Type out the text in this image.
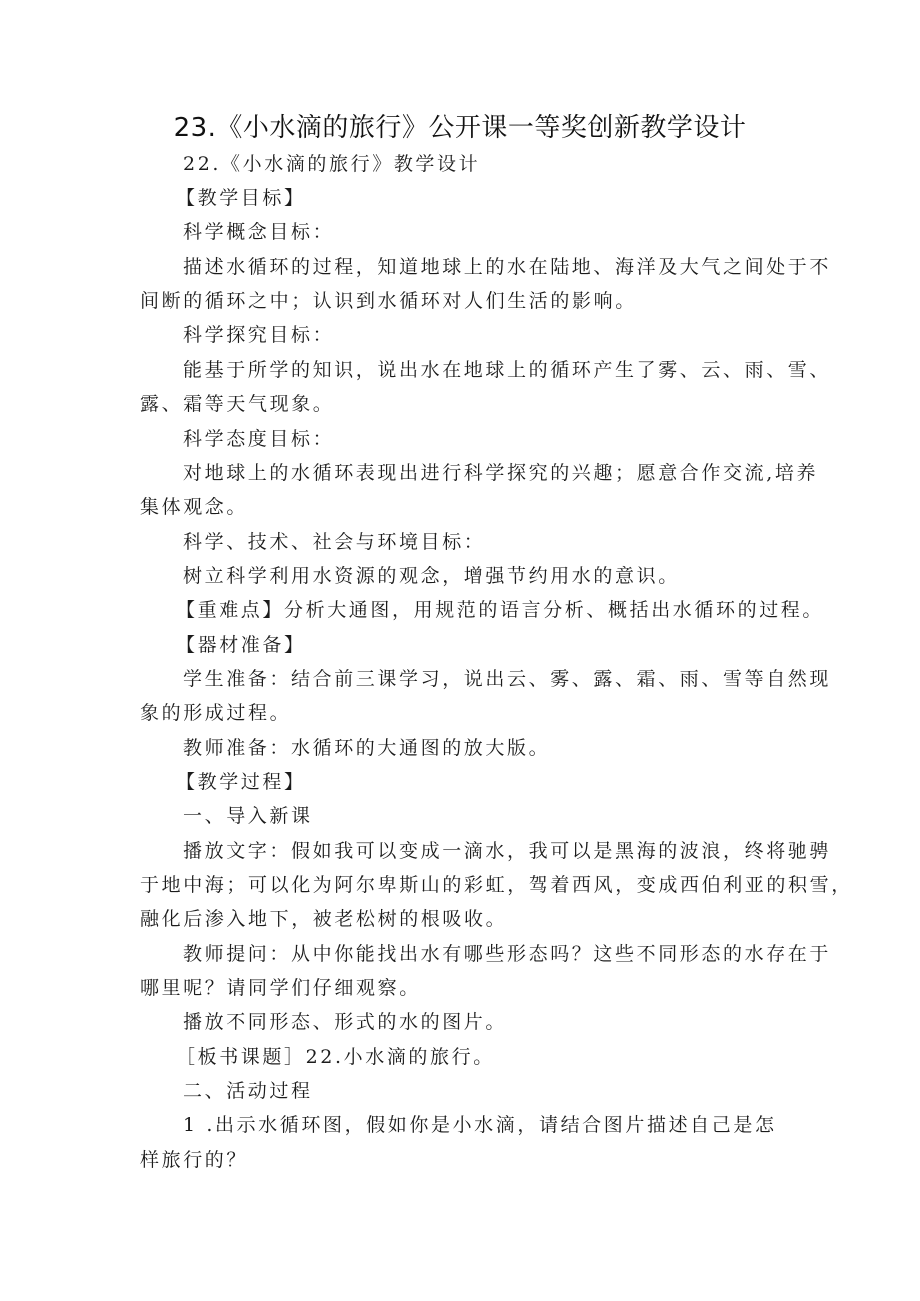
23.《小水滴的旅行》公开课一等奖创新教学设计
22.《小水滴的旅行》教学设计
【教学目标】
科学概念目标：
描述水循环的过程，知道地球上的水在陆地、海洋及大气之间处于不
间断的循环之中；认识到水循环对人们生活的影响。
科学探究目标：
能基于所学的知识，说出水在地球上的循环产生了雾、云、雨、雪、
露、霜等天气现象。
科学态度目标：
对地球上的水循环表现出进行科学探究的兴趣；愿意合作交流,培养
集体观念。
科学、技术、社会与环境目标：
树立科学利用水资源的观念，增强节约用水的意识。
【重难点】分析大通图，用规范的语言分析、概括出水循环的过程。
【器材准备】
学生准备：结合前三课学习，说出云、雾、露、霜、雨、雪等自然现
象的形成过程。
教师准备：水循环的大通图的放大版。
【教学过程】
一、导入新课
播放文字：假如我可以变成一滴水，我可以是黑海的波浪，终将驰骋
于地中海；可以化为阿尔卑斯山的彩虹，驾着西风，变成西伯利亚的积雪，
融化后渗入地下，被老松树的根吸收。
教师提问：从中你能找出水有哪些形态吗？这些不同形态的水存在于
哪里呢？请同学们仔细观察。
播放不同形态、形式的水的图片。
［板书课题］22.小水滴的旅行。
二、活动过程
1 .出示水循环图，假如你是小水滴，请结合图片描述自己是怎
样旅行的？
